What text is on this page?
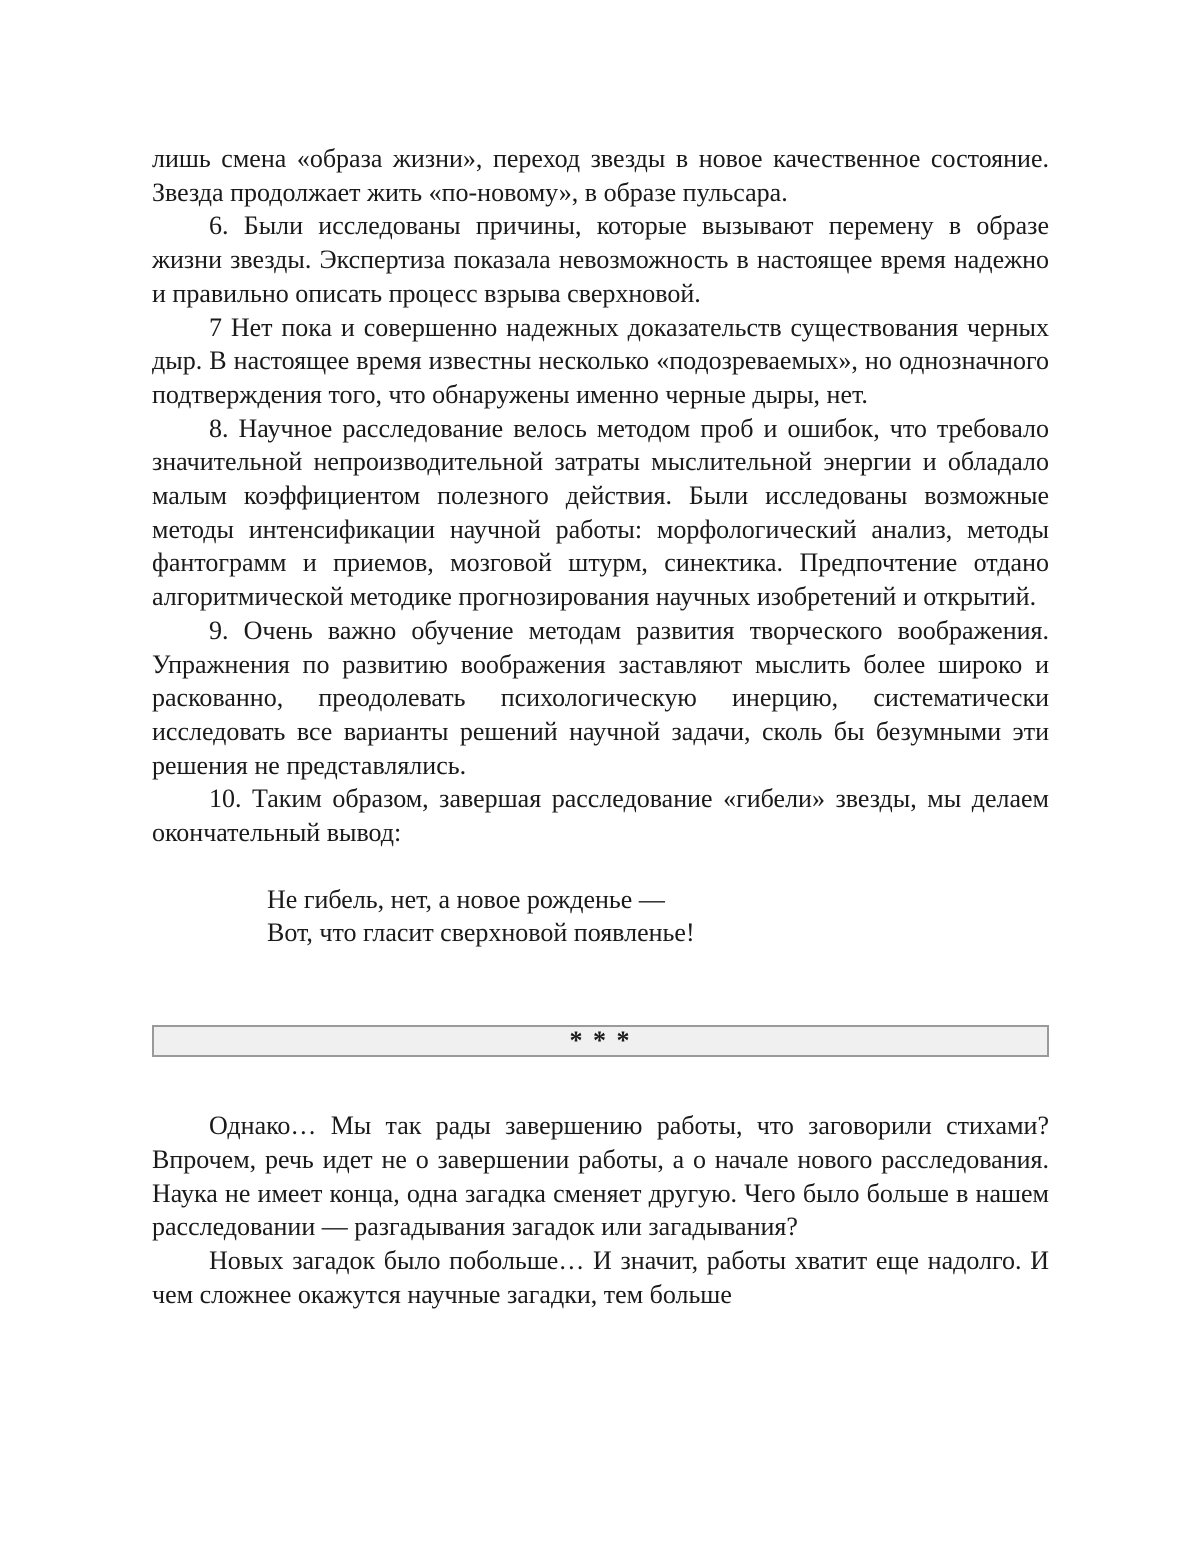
лишь смена «образа жизни», переход звезды в новое качественное состояние. Звезда продолжает жить «по-новому», в образе пульсара.

6. Были исследованы причины, которые вызывают перемену в образе жизни звезды. Экспертиза показала невозможность в настоящее время надежно и правильно описать процесс взрыва сверхновой.

7 Нет пока и совершенно надежных доказательств существования черных дыр. В настоящее время известны несколько «подозреваемых», но однозначного подтверждения того, что обнаружены именно черные дыры, нет.

8. Научное расследование велось методом проб и ошибок, что требовало значительной непроизводительной затраты мыслительной энергии и обладало малым коэффициентом полезного действия. Были исследованы возможные методы интенсификации научной работы: морфологический анализ, методы фантограмм и приемов, мозговой штурм, синектика. Предпочтение отдано алгоритмической методике прогнозирования научных изобретений и открытий.

9. Очень важно обучение методам развития творческого воображения. Упражнения по развитию воображения заставляют мыслить более широко и раскованно, преодолевать психологическую инерцию, систематически исследовать все варианты решений научной задачи, сколь бы безумными эти решения не представлялись.

10. Таким образом, завершая расследование «гибели» звезды, мы делаем окончательный вывод:

Не гибель, нет, а новое рожденье —
Вот, что гласит сверхновой появленье!
* * *

Однако… Мы так рады завершению работы, что заговорили стихами? Впрочем, речь идет не о завершении работы, а о начале нового расследования. Наука не имеет конца, одна загадка сменяет другую. Чего было больше в нашем расследовании — разгадывания загадок или загадывания?

Новых загадок было побольше… И значит, работы хватит еще надолго. И чем сложнее окажутся научные загадки, тем больше
